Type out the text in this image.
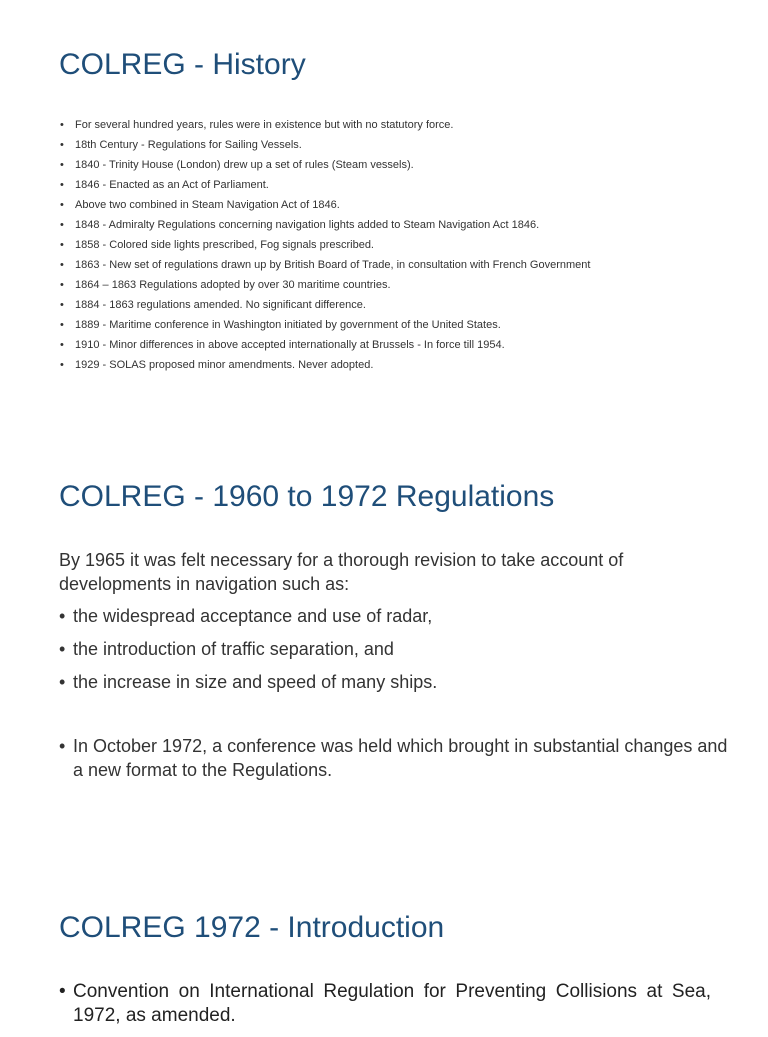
COLREG - History
• For several hundred years, rules were in existence but with no statutory force.
• 18th Century - Regulations for Sailing Vessels.
• 1840 - Trinity House (London) drew up a set of rules (Steam vessels).
• 1846 - Enacted as an Act of Parliament.
• Above two combined in Steam Navigation Act of 1846.
• 1848 - Admiralty Regulations concerning navigation lights added to Steam Navigation Act 1846.
• 1858 - Colored side lights prescribed, Fog signals prescribed.
• 1863 - New set of regulations drawn up by British Board of Trade, in consultation with French Government
• 1864 – 1863 Regulations adopted by over 30 maritime countries.
• 1884 - 1863 regulations amended. No significant difference.
• 1889 - Maritime conference in Washington initiated by government of the United States.
• 1910 - Minor differences in above accepted internationally at Brussels - In force till 1954.
• 1929 - SOLAS proposed minor amendments. Never adopted.
COLREG - 1960 to 1972 Regulations

By 1965 it was felt necessary for a thorough revision to take account of developments in navigation such as:

• the widespread acceptance and use of radar,
• the introduction of traffic separation, and
• the increase in size and speed of many ships.
• In October 1972, a conference was held which brought in substantial changes and a new format to the Regulations.
COLREG 1972 - Introduction
• Convention on International Regulation for Preventing Collisions at Sea, 1972, as amended.
